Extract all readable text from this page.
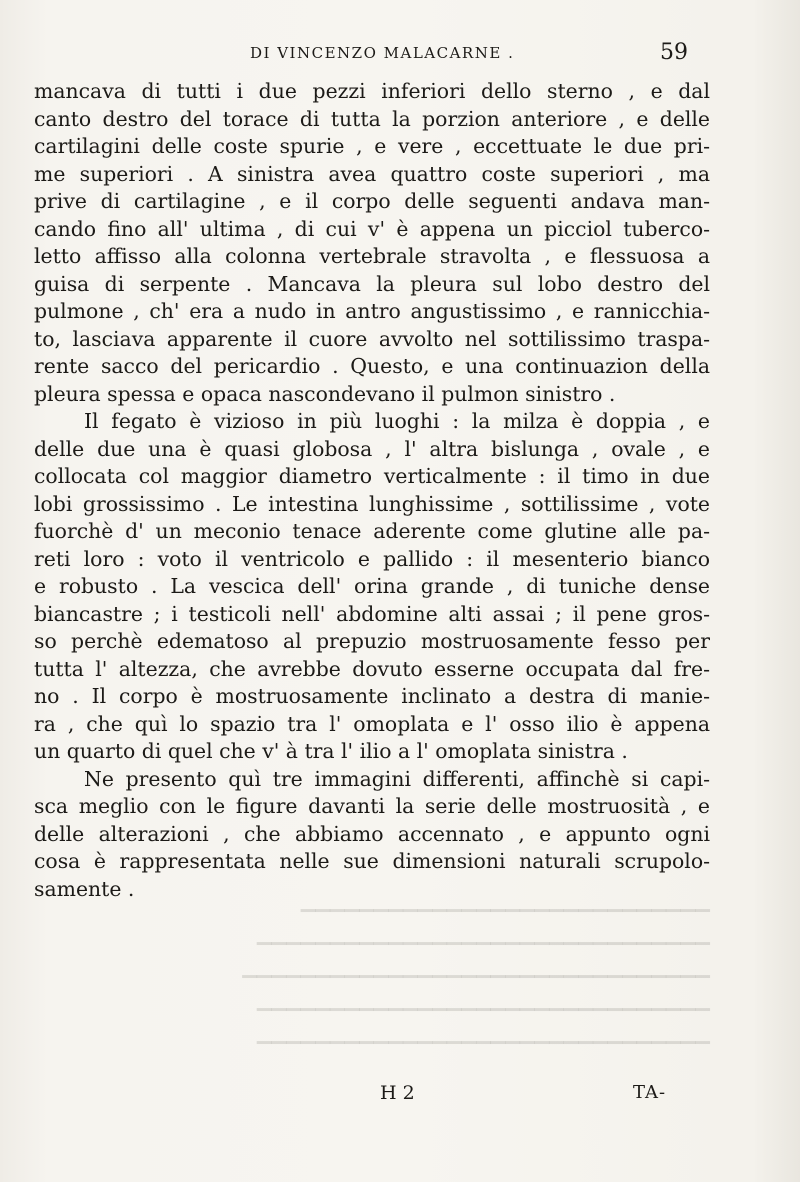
DI VINCENZO MALACARNE .	59
mancava di tutti i due pezzi inferiori dello sterno , e dal
canto destro del torace di tutta la porzion anteriore , e delle
cartilagini delle coste spurie , e vere , eccettuate le due pri-
me superiori . A sinistra avea quattro coste superiori , ma
prive di cartilagine , e il corpo delle seguenti andava man-
cando fino all' ultima , di cui v' è appena un picciol tuberco-
letto affisso alla colonna vertebrale stravolta , e flessuosa a
guisa di serpente . Mancava la pleura sul lobo destro del
pulmone , ch' era a nudo in antro angustissimo , e rannicchia-
to, lasciava apparente il cuore avvolto nel sottilissimo traspa-
rente sacco del pericardio . Questo, e una continuazion della
pleura spessa e opaca nascondevano il pulmon sinistro .
Il fegato è vizioso in più luoghi : la milza è doppia , e
delle due una è quasi globosa , l' altra bislunga , ovale , e
collocata col maggior diametro verticalmente : il timo in due
lobi grossissimo . Le intestina lunghissime , sottilissime , vote
fuorchè d' un meconio tenace aderente come glutine alle pa-
reti loro : voto il ventricolo e pallido : il mesenterio bianco
e robusto . La vescica dell' orina grande , di tuniche dense
biancastre ; i testicoli nell' abdomine alti assai ; il pene gros-
so perchè edematoso al prepuzio mostruosamente fesso per
tutta l' altezza, che avrebbe dovuto esserne occupata dal fre-
no . Il corpo è mostruosamente inclinato a destra di manie-
ra , che quì lo spazio tra l' omoplata e l' osso ilio è appena
un quarto di quel che v' à tra l' ilio a l' omoplata sinistra .
Ne presento quì tre immagini differenti, affinchè si capi-
sca meglio con le figure davanti la serie delle mostruosità , e
delle alterazioni , che abbiamo accennato , e appunto ogni
cosa è rappresentata nelle sue dimensioni naturali scrupolo-
samente .
▔▔▔▔▔▔▔▔▔▔▔▔▔▔▔▔▔▔▔▔▔▔▔▔▔▔▔▔
▔▔▔▔▔▔▔▔▔▔▔▔▔▔▔▔▔▔▔▔▔▔▔▔▔▔▔▔▔▔▔
▔▔▔▔▔▔▔▔▔▔▔▔▔▔▔▔▔▔▔▔▔▔▔▔▔▔▔▔▔▔▔▔
▔▔▔▔▔▔▔▔▔▔▔▔▔▔▔▔▔▔▔▔▔▔▔▔▔▔▔▔▔▔▔
▔▔▔▔▔▔▔▔▔▔▔▔▔▔▔▔▔▔▔▔▔▔▔▔▔▔▔▔▔▔▔
H 2	TA-
